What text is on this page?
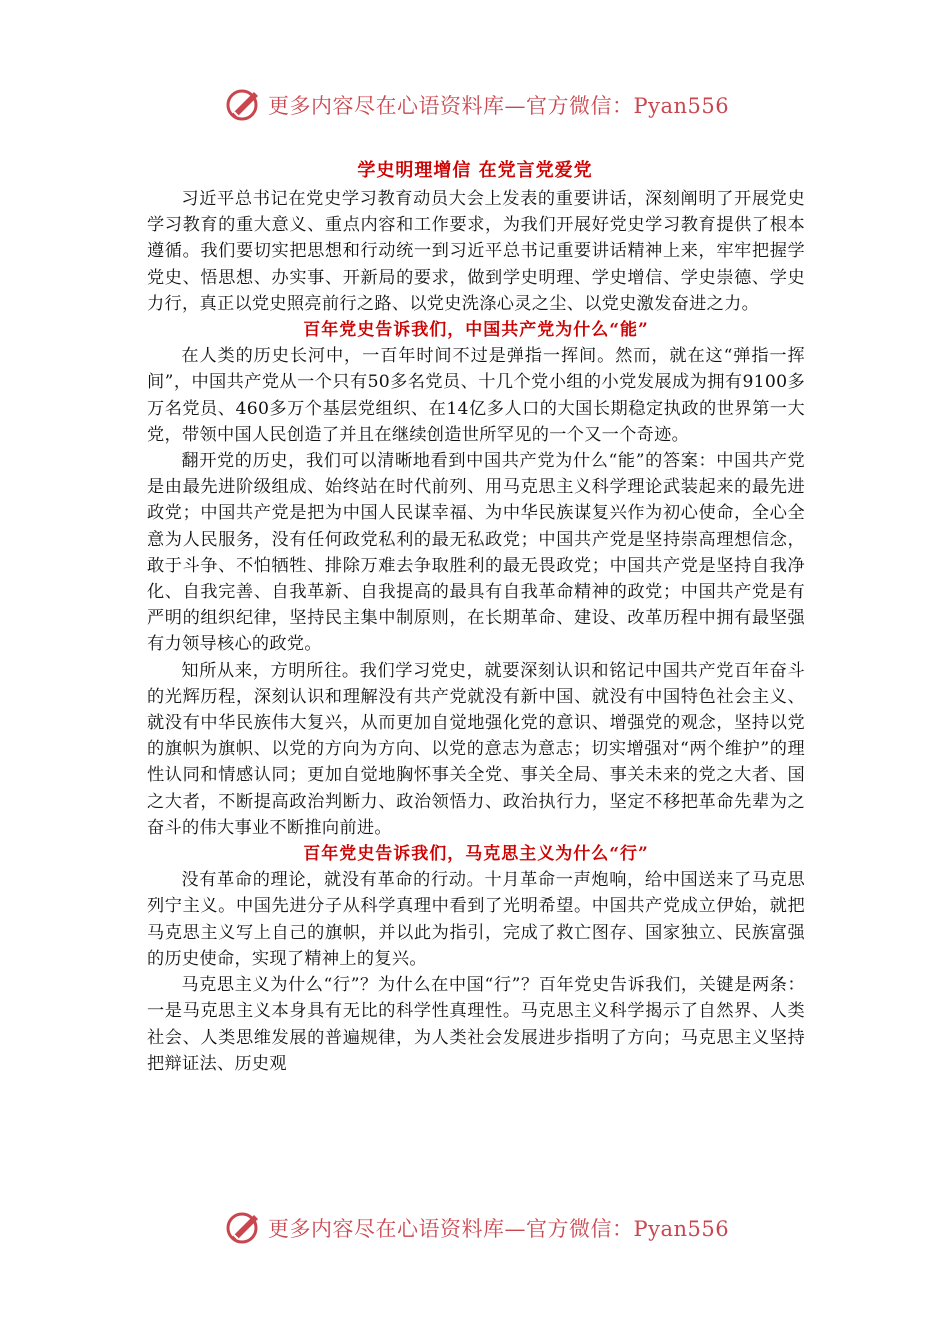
更多内容尽在心语资料库—官方微信：Pyan556
学史明理增信 在党言党爱党

习近平总书记在党史学习教育动员大会上发表的重要讲话，深刻阐明了开展党史学习教育的重大意义、重点内容和工作要求，为我们开展好党史学习教育提供了根本遵循。我们要切实把思想和行动统一到习近平总书记重要讲话精神上来，牢牢把握学党史、悟思想、办实事、开新局的要求，做到学史明理、学史增信、学史崇德、学史力行，真正以党史照亮前行之路、以党史洗涤心灵之尘、以党史激发奋进之力。

百年党史告诉我们，中国共产党为什么“能”

在人类的历史长河中，一百年时间不过是弹指一挥间。然而，就在这“弹指一挥间”，中国共产党从一个只有50多名党员、十几个党小组的小党发展成为拥有9100多万名党员、460多万个基层党组织、在14亿多人口的大国长期稳定执政的世界第一大党，带领中国人民创造了并且在继续创造世所罕见的一个又一个奇迹。

翻开党的历史，我们可以清晰地看到中国共产党为什么“能”的答案：中国共产党是由最先进阶级组成、始终站在时代前列、用马克思主义科学理论武装起来的最先进政党；中国共产党是把为中国人民谋幸福、为中华民族谋复兴作为初心使命，全心全意为人民服务，没有任何政党私利的最无私政党；中国共产党是坚持崇高理想信念，敢于斗争、不怕牺牲、排除万难去争取胜利的最无畏政党；中国共产党是坚持自我净化、自我完善、自我革新、自我提高的最具有自我革命精神的政党；中国共产党是有严明的组织纪律，坚持民主集中制原则，在长期革命、建设、改革历程中拥有最坚强有力领导核心的政党。

知所从来，方明所往。我们学习党史，就要深刻认识和铭记中国共产党百年奋斗的光辉历程，深刻认识和理解没有共产党就没有新中国、就没有中国特色社会主义、就没有中华民族伟大复兴，从而更加自觉地强化党的意识、增强党的观念，坚持以党的旗帜为旗帜、以党的方向为方向、以党的意志为意志；切实增强对“两个维护”的理性认同和情感认同；更加自觉地胸怀事关全党、事关全局、事关未来的党之大者、国之大者，不断提高政治判断力、政治领悟力、政治执行力，坚定不移把革命先辈为之奋斗的伟大事业不断推向前进。

百年党史告诉我们，马克思主义为什么“行”

没有革命的理论，就没有革命的行动。十月革命一声炮响，给中国送来了马克思列宁主义。中国先进分子从科学真理中看到了光明希望。中国共产党成立伊始，就把马克思主义写上自己的旗帜，并以此为指引，完成了救亡图存、国家独立、民族富强的历史使命，实现了精神上的复兴。

马克思主义为什么“行”？为什么在中国“行”？百年党史告诉我们，关键是两条：一是马克思主义本身具有无比的科学性真理性。马克思主义科学揭示了自然界、人类社会、人类思维发展的普遍规律，为人类社会发展进步指明了方向；马克思主义坚持把辩证法、历史观

更多内容尽在心语资料库—官方微信：Pyan556
